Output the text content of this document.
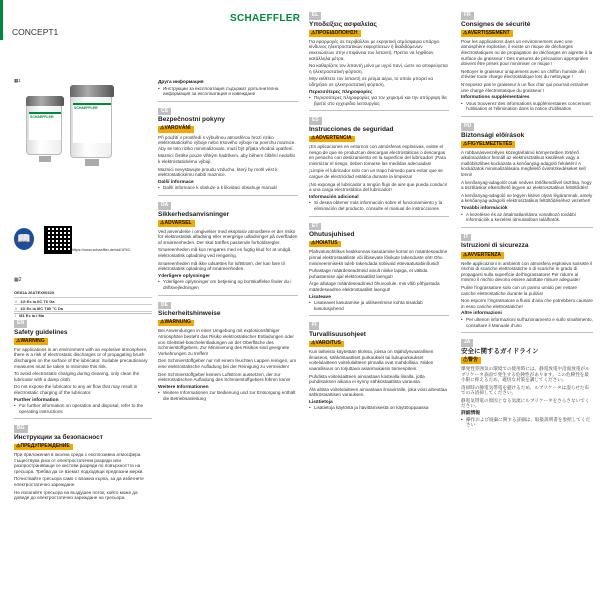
CONCEPT1
SCHAEFFLER
▦1
SCHAEFFLER
SCHAEFFLER
📖
https://www.schaeffler.de/std/1F6C
▦2
OE81A 26ATEX0032X
II 1G Ex ia IIC T6 Ga
II 1D Ex ia IIIC T80 °C Da
I M1 Ex ia I Ma
EN
Safety guidelines
⚠ WARNING
For applications in an environment with an explosive atmosphere, there is a risk of electrostatic discharges or of propagating brush discharges on the surface of the lubricator. Suitable precautionary measures must be taken to minimise this risk.
To avoid electrostatic charging during cleaning, only clean the lubricator with a damp cloth.
Do not expose the lubricator to any air flow that may result in electrostatic charging of the lubricator.
Further information
• For further information on operation and disposal, refer to the operating instructions
BG
Инструкции за безопасност
⚠ ПРЕДУПРЕЖДЕНИЕ
При приложения в околна среда с експлозивна атмосфера съществува риск от електростатични разряди или разпространяващи се кистови разряди по повърхността на гресьора. Трябва да се вземат подходящи предпазни мерки.
Почиствайте гресьора само с влажна кърпа, за да избегнете електростатично зареждане.
Не излагайте гресьора на въздушен поток, който може да доведе до електростатично зареждане на гресьора.
Друга информация
• Инструкции за експлоатация съдържат допълнителна информация за експлоатация и извеждане
CS
Bezpečnostní pokyny
⚠ VAROVÁNÍ
Při použití v prostředí s výbušnou atmosférou hrozí riziko elektrostatického výboje nebo trsového výboje na povrchu maznice. Aby se toto riziko minimalizovalo, musí být přijata vhodná opatření.
Maznici čistěte pouze vlhkým hadríkem, aby během čištění nedošlo k elektrostatickému výboji.
Maznici nevystavujte proudu vzduchu, který by mohl vést k elektrostatickému nabití maznice.
Další informace
• Další informace k obsluze a k likvidaci obsahuje manuál
DA
Sikkerhedsanvisninger
⚠ ADVARSEL
Ved anvendelse i omgivelser med eksplosiv atmosfære er der risiko for elektrostatisk afladning eller energirige udladninger på overfladen af smøreenheden. Der skal træffes passende forholdsregler.
Smøreenheden må kun rengøres med en fugtig klud for at undgå elektrostatisk opladning ved rengøring.
Smøreenheden må ikke udsættes for luftstrøm, der kan føre til elektrostatisk opladning af smøreenheden.
Yderligere oplysninger
• Yderligere oplysninger om betjening og bortskaffelse finder du i driftsvejledningen
DE
Sicherheitshinweise
⚠ WARNUNG
Bei Anwendungen in einer Umgebung mit explosionsfähiger Atmosphäre besteht das Risiko elektrostatischer Entladungen oder von Gleitstiel-büschelentladungen an der Oberfläche des Schmierstoffgebers. Zur Minimierung des Risikos sind geeignete Vorkehrungen zu treffen!
Den Schmierstoffgeber nur mit einem feuchten Lappen reinigen, um eine elektrostatische Aufladung bei der Reinigung zu vermeiden!
Den Schmierstoffgeber keinem Luftstrom aussetzen, der zur elektrostatischen Aufladung des Schmierstoffgebers führen kann!
Weitere Informationen
• Weitere Informationen zur Bedienung und zur Entsorgung enthält die Betriebsanleitung
EL
Υποδείξεις ασφαλείας
⚠ ΠΡΟΕΙΔΟΠΟΙΗΣΗ
Για εφαρμογές σε περιβάλλον με εκρηκτική ατμόσφαιρα υπάρχει κίνδυνος ηλεκτροστατικών εκφορτίσεων ή διαδιδόμενων εκκενώσεων στην επιφάνεια του λιπαντή. Πρέπει να ληφθούν κατάλληλα μέτρα.
Να καθαρίζετε τον λιπαντή μόνο με υγρό πανί, ώστε να αποφεύγεται η ηλεκτροστατική φόρτιση.
Μην εκθέτετε τον λιπαντή σε ρεύμα αέρα, το οποίο μπορεί να οδηγήσει σε ηλεκτροστατική φόρτιση.
Περισσότερες πληροφορίες
• Περισσότερες πληροφορίες για τον χειρισμό και την απόρριψη θα βρείτε στο εγχειρίδιο λειτουργίας
ES
Instrucciones de seguridad
⚠ ADVERTENCIA
¡En aplicaciones en entornos con atmósferas explosivas, existe el riesgo de que se produzcan descargas electrostáticas o descargas en penacho con deslizamiento en la superficie del lubricador! ¡Para minimizar el riesgo, deben tomarse las medidas adecuadas!
¡Limpie el lubricador solo con un trapo húmedo para evitar que se cargue de electricidad estática durante la limpieza!
¡No exponga el lubricador a ningún flujo de aire que pueda conducir a una carga electrostática del lubricador!
Información adicional
• Si desea obtener más información sobre el funcionamiento y la eliminación del producto, consulte el manual de instrucciones
ET
Ohutusjuhised
⚠ HOIATUS
Plahvatusohtlikus keskkonnas kasutamise korral on määrdeseadme pinnal elektrostaatiliste või libisevate lõvikute lahenduste oht! Ohu minimeerimiseks tuleb rakendada sobivaid ettevaatusabinõusid!
Puhastage määrdeseadmeid ainult niiske lapiga, et vältida puhastamise ajal elektrostaatilist laengut!
Ärge allutage määrdeseadmeid õhuvoolule, mis võib põhjustada määrdeseadme elektrostaatilist laengut!
Lisateave
• Lisateavet kasutamise ja utiliseerimise kohta sisaldab kasutusjuhend
FI
Turvallisuusohjeet
⚠ VAROITUS
Kun laitteisto käytetään tiloissa, joissa on räjähdysvaarallinen ilmaseos, sähköstaattiset purkaukset tai liukupurkaukset voitelulaitteen voitelulaitteen pinnalla ovat mahdollisia. Niiden vaarallisuus on torjuttava asianmukaisin toimenpitein.
Puhdista voitelulaitteen ainoastaan kostealla liinalla, jotta puhdistuksen aikana ei synny sähköstaattista varausta.
Älä altista voitelulaitteen ainoastaan ilmavirralle, joka voisi aiheuttaa sähköstaattisen varauksen.
Lisätietoja
• Lisätietoja käytöstä ja hävittämisestä on käyttöoppaassa
FR
Consignes de sécurité
⚠ AVERTISSEMENT
Pour les applications dans un environnement avec une atmosphère explosive, il existe un risque de décharges électrostatiques ou de propagation de décharges en aigrette à la surface du graisseur ! Des mesures de précaution appropriées doivent être prises pour minimiser ce risque !
Nettoyer le graisseur uniquement avec un chiffon humide afin d’éviter toute charge électrostatique lors du nettoyage !
N’exposez pas le graisseur à un flux d’air qui pourrait entraîner une charge électrostatique du graisseur !
Informations supplémentaires
• Vous trouverez des informations supplémentaires concernant l’utilisation et l’élimination dans la notice d’utilisation
HU
Biztonsági előírások
⚠ FIGYELMEZTETÉS
A robbanásveszélyes közegtartalmú környezetben történő alkalmazáskor fennáll az elektrosztatikus kisülések vagy a mallóbiszlibes kockázata a kenőanyag-adagoló felületén! A kockázatok minimalizálására megfelelő óvintézkedéseket kell tenni!
A kenőanyag-adagolót csak nedves törlőkendővel tisztítsa, hogy a tisztításkor elkerülhető legyen az elektrosztatikus feltöltődés!
A kenőanyag-adagoló ne legyen kitéve olyan légáramnak, amely a kenőanyag-adagoló elektrosztatikus feltöltődéséhez vezethet!
További információk
• A kezelésre és az ártalmatlanításra vonatkozó további információk a kezelési útmutatóban találhatók.
IT
Istruzioni di sicurezza
⚠ AVVERTENZA
Nelle applicazioni in ambienti con atmosfera esplosiva sussiste il rischio di scariche elettrostatiche o di scariche in grado di propagarsi sulla superficie dell’ingrassatore! Per ridurre al minimo il rischio devono essere adottate misure adeguate!
Pulire l’ingrassatore solo con un panno umido per evitare cariche elettrostatiche durante la pulizia!
Non esporre l’ingrassatore a flussi d’aria che potrebbero causare in esso cariche elettrostatiche!
Altre informazioni
• Per ulteriori informazioni sull’azionamento e sullo smaltimento, consultare il Manuale d’uso
JA
安全に関するガイドライン
⚠ 警告
爆発性雰囲気の環境での使用時には、静電放電や沿面放電がルブリケータ表面で発生する危険性があります。この危険性を最小限に抑えるため、適切な対策を講じてください。
清掃時の静電気帯電を避けるため、ルブリケータは湿らせた布でのみ清掃してください。
静電気帯電の原因となる気流にルブリケータをさらさないでください。
詳細情報
• 操作および廃棄に関する詳細は、取扱説明書を参照してください
